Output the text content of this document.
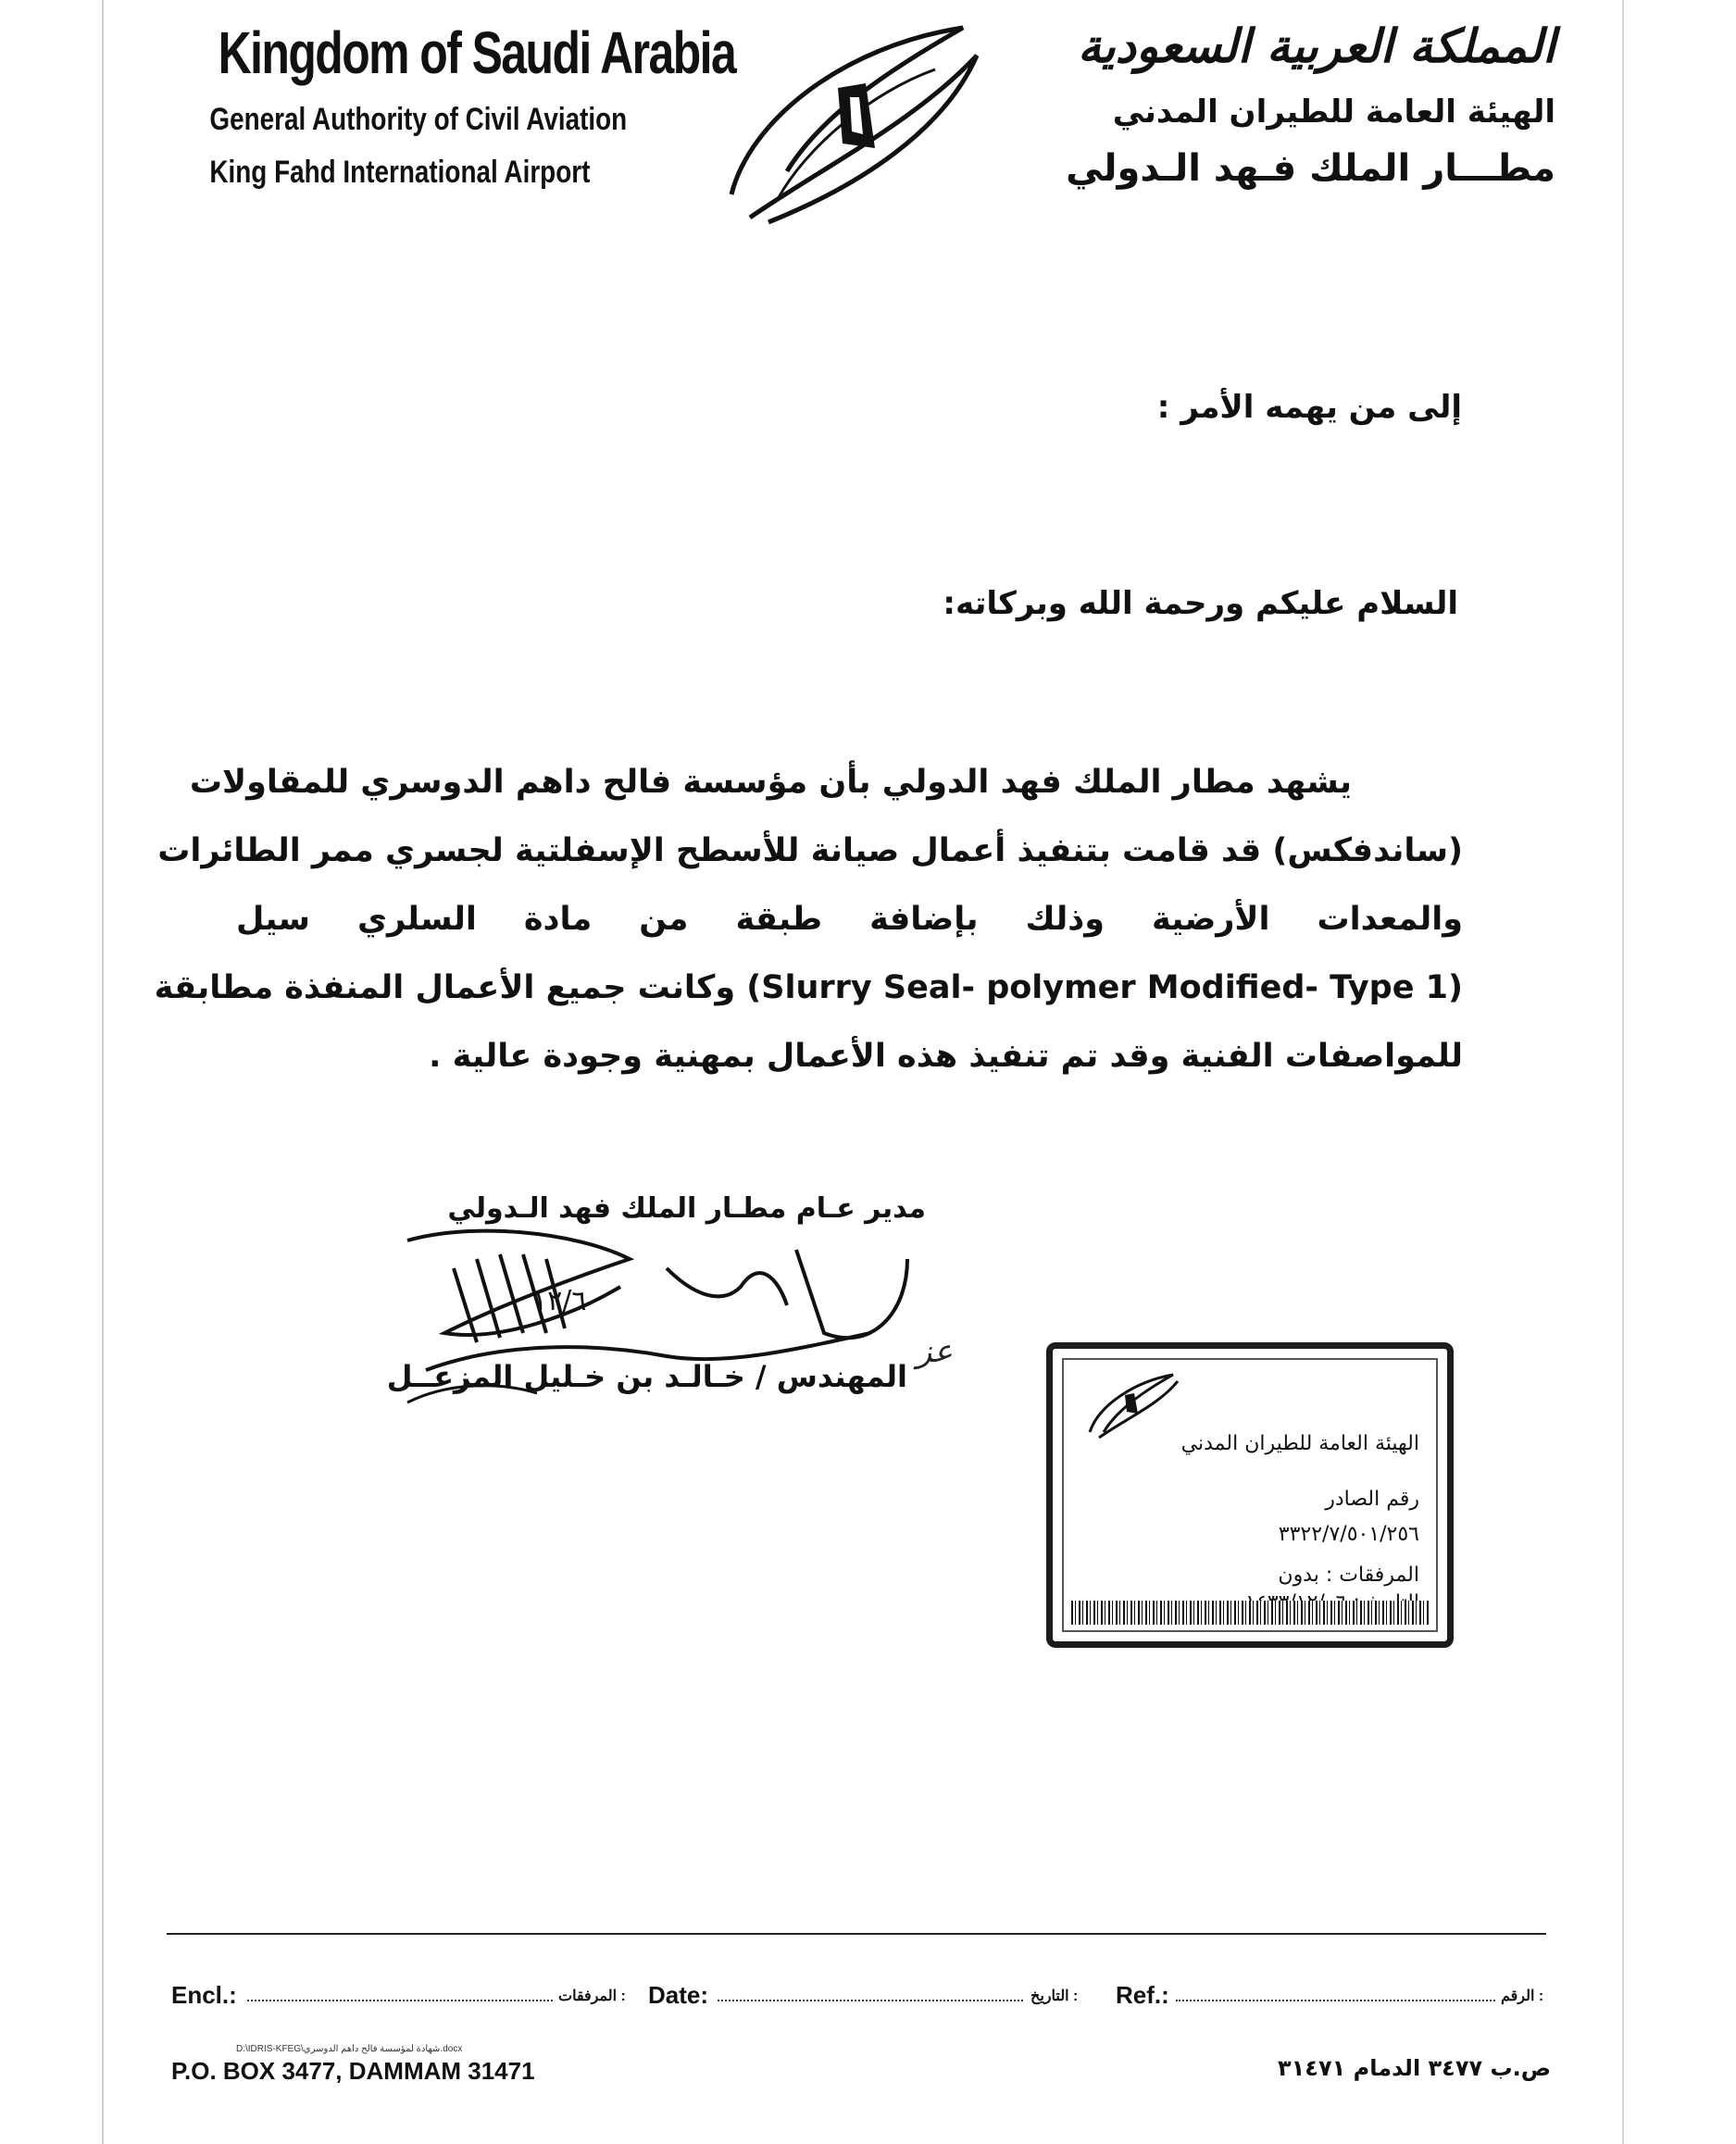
Kingdom of Saudi Arabia
General Authority of Civil Aviation
King Fahd International Airport
المملكة العربية السعودية
الهيئة العامة للطيران المدني
مطـــار الملك فـهد الـدولي
إلى من يهمه الأمر :
السلام عليكم ورحمة الله وبركاته:
يشهد مطار الملك فهد الدولي بأن مؤسسة فالح داهم الدوسري للمقاولات
(ساندفكس) قد قامت بتنفيذ أعمال صيانة للأسطح الإسفلتية لجسري ممر الطائرات
والمعدات الأرضية وذلك بإضافة طبقة من مادة السلري سيل
(Slurry Seal- polymer Modified- Type 1) وكانت جميع الأعمال المنفذة مطابقة
للمواصفات الفنية وقد تم تنفيذ هذه الأعمال بمهنية وجودة عالية .
مدير عـام مطـار الملك فهد الـدولي
١٢/٦
عز
المهندس / خـالـد بن خـليل المزعــل
الهيئة العامة للطيران المدني
رقم الصادر
٣٣٢٢/٧/٥٠١/٢٥٦
المرفقات : بدون
Encl.:	: المرفقات Date:	: التاريخ Ref.:	: الرقم
D:\IDRIS-KFEG\شهادة لمؤسسة فالح داهم الدوسري.docx
P.O. BOX 3477, DAMMAM 31471	ص.ب ٣٤٧٧ الدمام ٣١٤٧١
